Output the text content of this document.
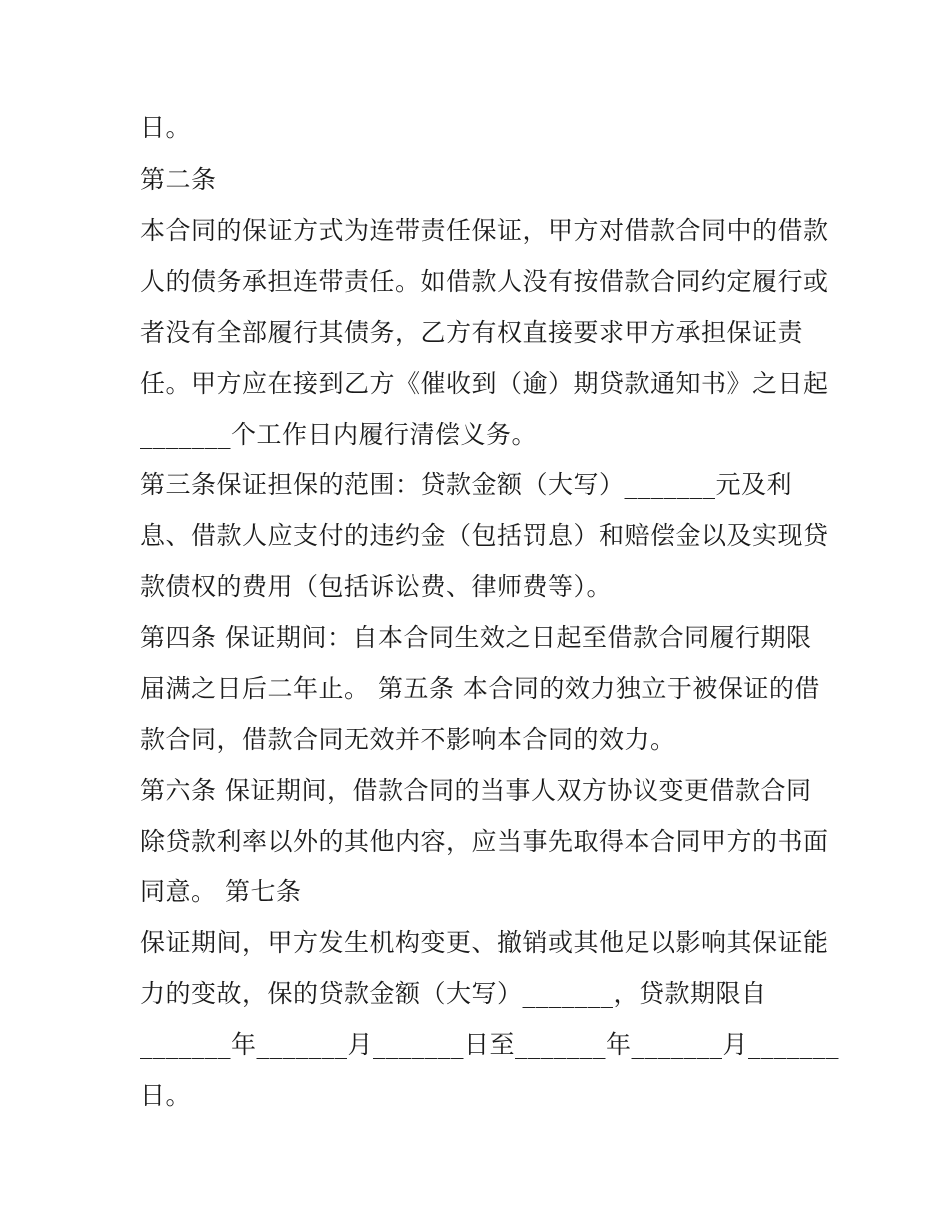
日。
第二条
本合同的保证方式为连带责任保证，甲方对借款合同中的借款
人的债务承担连带责任。如借款人没有按借款合同约定履行或
者没有全部履行其债务，乙方有权直接要求甲方承担保证责
任。甲方应在接到乙方《催收到（逾）期贷款通知书》之日起
_______个工作日内履行清偿义务。
第三条保证担保的范围：贷款金额（大写）_______元及利
息、借款人应支付的违约金（包括罚息）和赔偿金以及实现贷
款债权的费用（包括诉讼费、律师费等）。
第四条 保证期间：自本合同生效之日起至借款合同履行期限
届满之日后二年止。 第五条 本合同的效力独立于被保证的借
款合同，借款合同无效并不影响本合同的效力。
第六条 保证期间，借款合同的当事人双方协议变更借款合同
除贷款利率以外的其他内容，应当事先取得本合同甲方的书面
同意。 第七条
保证期间，甲方发生机构变更、撤销或其他足以影响其保证能
力的变故，保的贷款金额（大写）_______，贷款期限自
_______年_______月_______日至_______年_______月_______
日。
